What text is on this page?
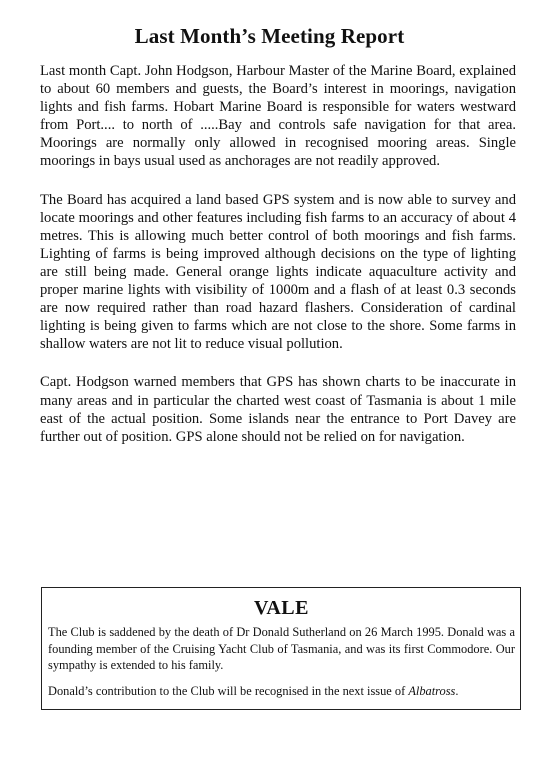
Last Month’s Meeting Report

Last month Capt. John Hodgson, Harbour Master of the Marine Board, explained to about 60 members and guests, the Board’s interest in moorings, navigation lights and fish farms. Hobart Marine Board is responsible for waters westward from Port.... to north of .....Bay and controls safe navigation for that area. Moorings are normally only allowed in recognised mooring areas. Single moorings in bays usual used as anchorages are not readily approved.

The Board has acquired a land based GPS system and is now able to survey and locate moorings and other features including fish farms to an accuracy of about 4 metres. This is allowing much better control of both moorings and fish farms. Lighting of farms is being improved although decisions on the type of lighting are still being made. General orange lights indicate aquaculture activity and proper marine lights with visibility of 1000m and a flash of at least 0.3 seconds are now required rather than road hazard flashers. Consideration of cardinal lighting is being given to farms which are not close to the shore. Some farms in shallow waters are not lit to reduce visual pollution.

Capt. Hodgson warned members that GPS has shown charts to be inaccurate in many areas and in particular the charted west coast of Tasmania is about 1 mile east of the actual position. Some islands near the entrance to Port Davey are further out of position. GPS alone should not be relied on for navigation.

VALE

The Club is saddened by the death of Dr Donald Sutherland on 26 March 1995. Donald was a founding member of the Cruising Yacht Club of Tasmania, and was its first Commodore. Our sympathy is extended to his family.

Donald’s contribution to the Club will be recognised in the next issue of Albatross.
